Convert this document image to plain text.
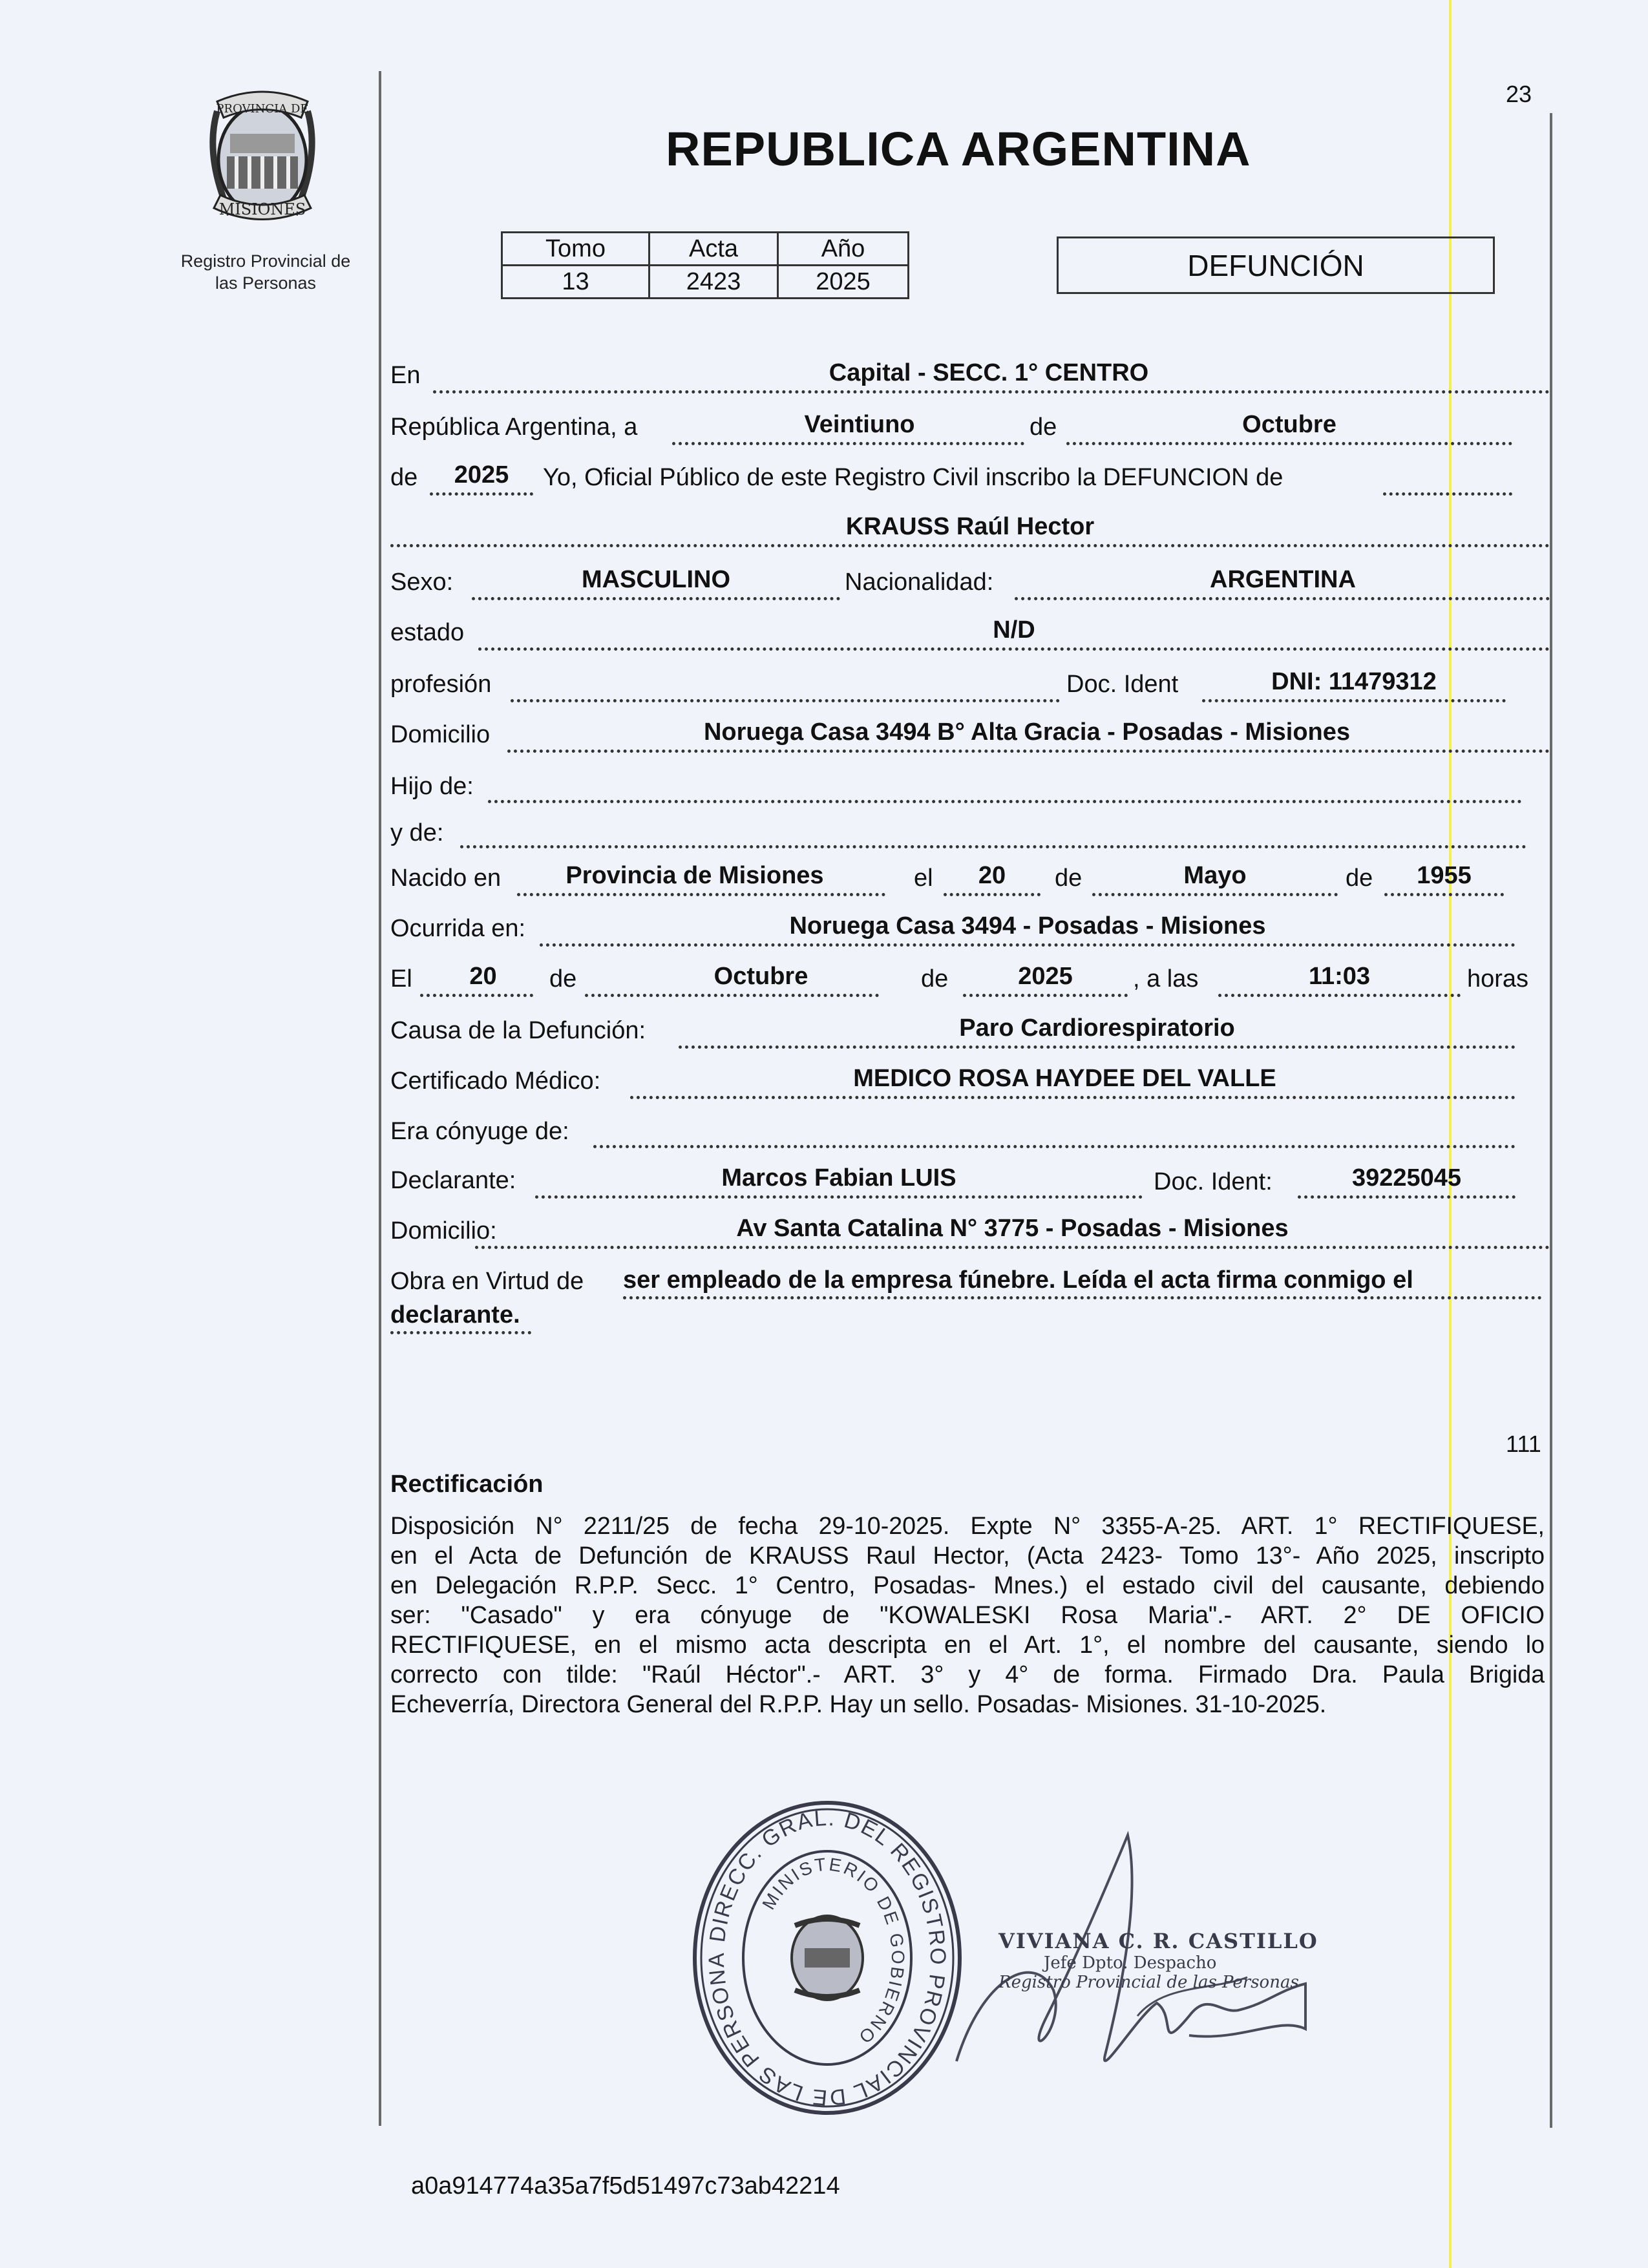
23
PROVINCIA DE
MISIONES
Registro Provincial de
las Personas
REPUBLICA ARGENTINA
Tomo	Acta	Año
13	2423	2025	DEFUNCIÓN
En	Capital - SECC. 1° CENTRO
República Argentina, a	Veintiuno	de	Octubre
de	2025	Yo, Oficial Público de este Registro Civil inscribo la DEFUNCION de
KRAUSS Raúl Hector
Sexo:	MASCULINO	Nacionalidad:	ARGENTINA
estado	N/D
profesión	Doc. Ident	DNI: 11479312
Domicilio	Noruega Casa 3494 B° Alta Gracia - Posadas - Misiones
Hijo de:
y de:
Nacido en	Provincia de Misiones	el	20	de	Mayo	de	1955
Ocurrida en:	Noruega Casa 3494 - Posadas - Misiones
El	20	de	Octubre	de	2025	, a las	11:03	horas
Causa de la Defunción:	Paro Cardiorespiratorio
Certificado Médico:	MEDICO ROSA HAYDEE DEL VALLE
Era cónyuge de:
Declarante:	Marcos Fabian LUIS	Doc. Ident:	39225045
Domicilio:	Av Santa Catalina N° 3775 - Posadas - Misiones
Obra en Virtud de ser empleado de la empresa fúnebre. Leída el acta firma conmigo el
declarante.
111
Rectificación
Disposición N° 2211/25 de fecha 29-10-2025. Expte N° 3355-A-25. ART. 1° RECTIFIQUESE,
en el Acta de Defunción de KRAUSS Raul Hector, (Acta 2423- Tomo 13°- Año 2025, inscripto
en Delegación R.P.P. Secc. 1° Centro, Posadas- Mnes.) el estado civil del causante, debiendo
ser: "Casado" y era cónyuge de "KOWALESKI Rosa Maria".- ART. 2° DE OFICIO
RECTIFIQUESE, en el mismo acta descripta en el Art. 1°, el nombre del causante, siendo lo
correcto con tilde: "Raúl Héctor".- ART. 3° y 4° de forma. Firmado Dra. Paula Brigida
Echeverría, Directora General del R.P.P. Hay un sello. Posadas- Misiones. 31-10-2025.
DIRECC. GRAL. DEL REGISTRO PROVINCIAL DE LAS PERSONA
MINISTERIO DE GOBIERNO
VIVIANA C. R. CASTILLO
Jefe Dpto. Despacho
Registro Provincial de las Personas
a0a914774a35a7f5d51497c73ab42214
